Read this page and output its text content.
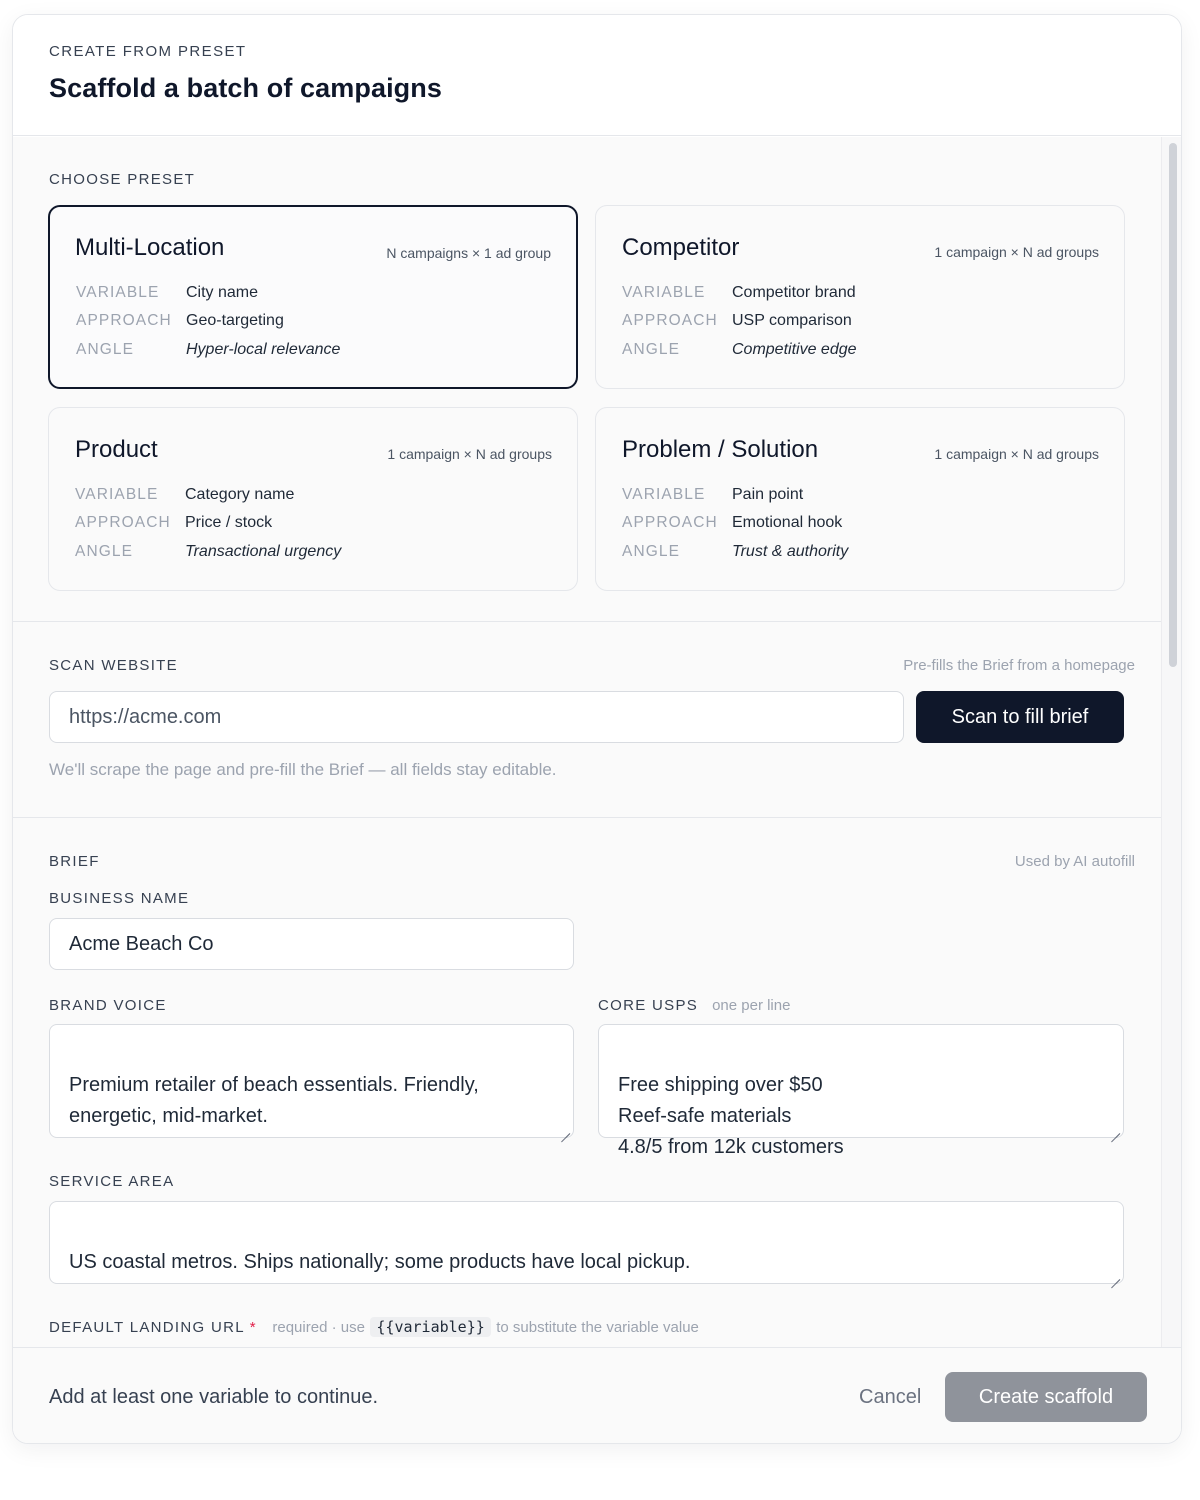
CREATE FROM PRESET
Scaffold a batch of campaigns
CHOOSE PRESET
Multi-Location	N campaigns × 1 ad group
VARIABLE City name
APPROACH Geo-targeting
ANGLE	Hyper-local relevance
Competitor	1 campaign × N ad groups
VARIABLE Competitor brand
APPROACH USP comparison
ANGLE	Competitive edge
Product	1 campaign × N ad groups
VARIABLE Category name
APPROACH Price / stock
ANGLE	Transactional urgency
Problem / Solution	1 campaign × N ad groups
VARIABLE Pain point
APPROACH Emotional hook
ANGLE	Trust & authority
SCAN WEBSITE	Pre-fills the Brief from a homepage
https://acme.com	Scan to fill brief
We'll scrape the page and pre-fill the Brief — all fields stay editable.
BRIEF	Used by AI autofill
BUSINESS NAME
Acme Beach Co
BRAND VOICE

Premium retailer of beach essentials. Friendly,
energetic, mid-market.

CORE USPS one per line

Free shipping over $50
Reef-safe materials
4.8/5 from 12k customers

SERVICE AREA

US coastal metros. Ships nationally; some products have local pickup.

DEFAULT LANDING URL * required · use {{variable}} to substitute the variable value
Add at least one variable to continue.	Cancel	Create scaffold
